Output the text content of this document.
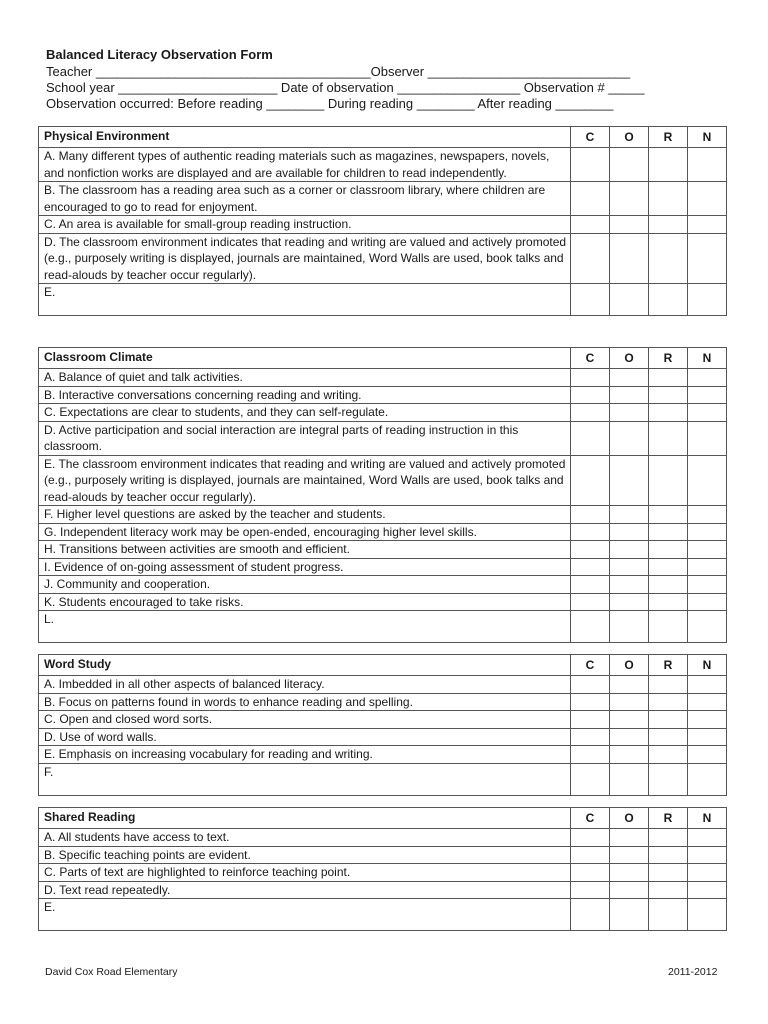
Balanced Literacy Observation Form
Teacher ______________________________________Observer ____________________________
School year ______________________ Date of observation _________________ Observation # _____
Observation occurred: Before reading ________ During reading ________ After reading ________
Physical Environment	C	O	R	N
A. Many different types of authentic reading materials such as magazines, newspapers, novels, and nonfiction works are displayed and are available for children to read independently.				
B. The classroom has a reading area such as a corner or classroom library, where children are encouraged to go to read for enjoyment.				
C. An area is available for small-group reading instruction.				
D. The classroom environment indicates that reading and writing are valued and actively promoted (e.g., purposely writing is displayed, journals are maintained, Word Walls are used, book talks and read-alouds by teacher occur regularly).				
E.				
Classroom Climate	C	O	R	N
A. Balance of quiet and talk activities.				
B. Interactive conversations concerning reading and writing.				
C. Expectations are clear to students, and they can self-regulate.				
D. Active participation and social interaction are integral parts of reading instruction in this classroom.				
E. The classroom environment indicates that reading and writing are valued and actively promoted (e.g., purposely writing is displayed, journals are maintained, Word Walls are used, book talks and read-alouds by teacher occur regularly).				
F. Higher level questions are asked by the teacher and students.				
G. Independent literacy work may be open-ended, encouraging higher level skills.				
H. Transitions between activities are smooth and efficient.				
I. Evidence of on-going assessment of student progress.				
J. Community and cooperation.				
K. Students encouraged to take risks.				
L.				
Word Study	C	O	R	N
A. Imbedded in all other aspects of balanced literacy.				
B. Focus on patterns found in words to enhance reading and spelling.				
C. Open and closed word sorts.				
D. Use of word walls.				
E. Emphasis on increasing vocabulary for reading and writing.				
F.				
Shared Reading	C	O	R	N
A. All students have access to text.				
B. Specific teaching points are evident.				
C. Parts of text are highlighted to reinforce teaching point.				
D. Text read repeatedly.				
E.				
David Cox Road Elementary	2011-2012
